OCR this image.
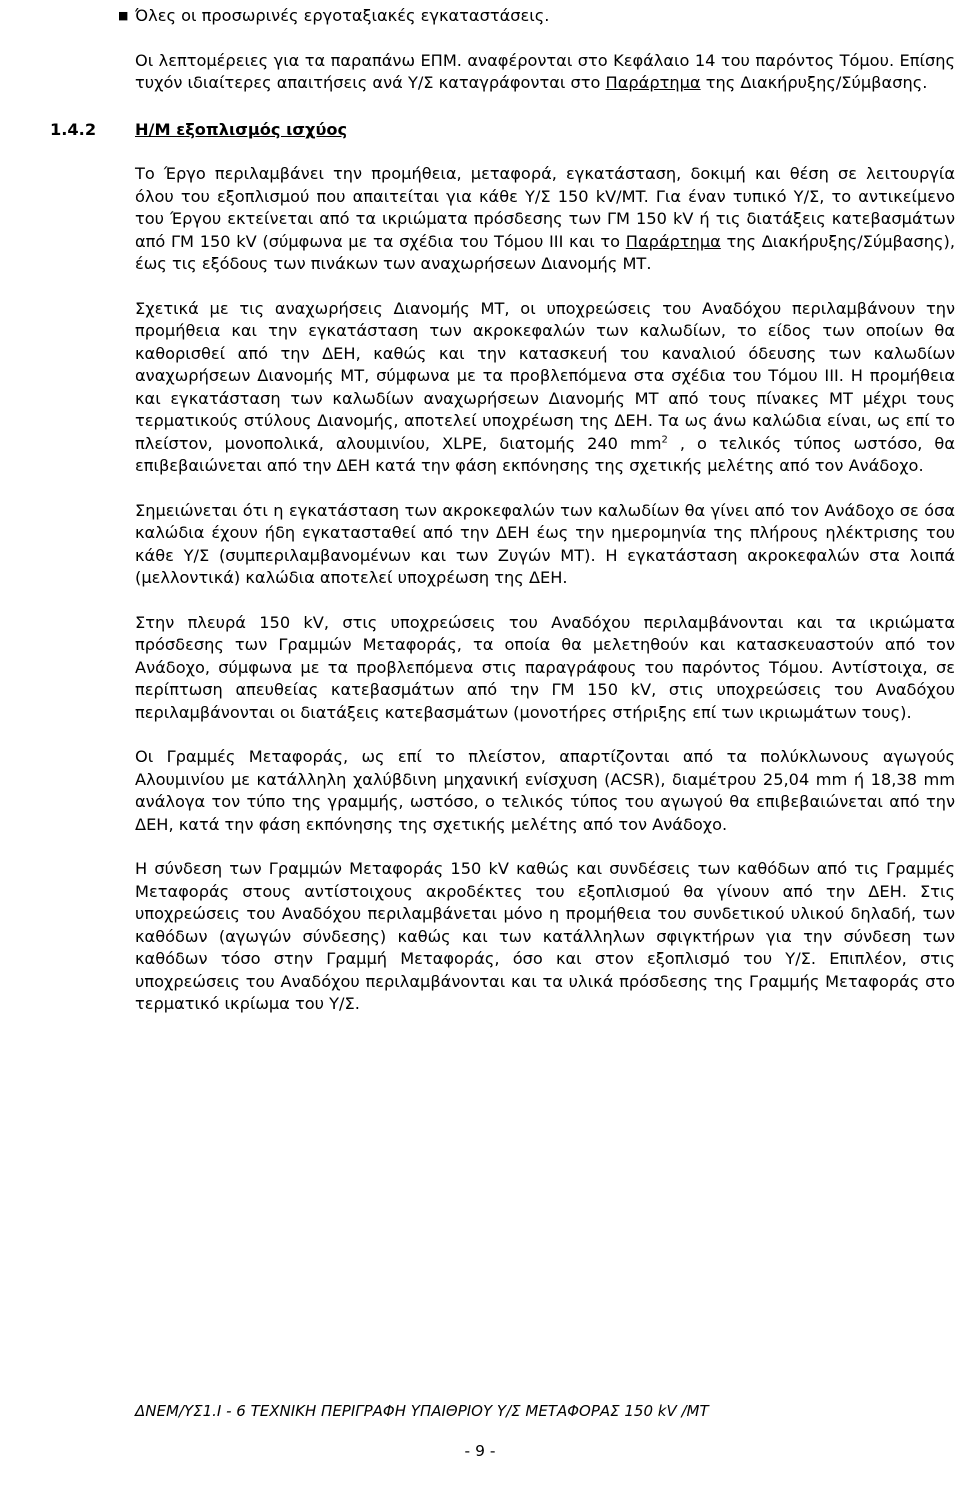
■ Όλες οι προσωρινές εργοταξιακές εγκαταστάσεις.

Οι λεπτομέρειες για τα παραπάνω ΕΠΜ. αναφέρονται στο Κεφάλαιο 14 του παρόντος Τόμου. Επίσης τυχόν ιδιαίτερες απαιτήσεις ανά Υ/Σ καταγράφονται στο Παράρτημα της Διακήρυξης/Σύμβασης.

1.4.2 Η/Μ εξοπλισμός ισχύος

Το Έργο περιλαμβάνει την προμήθεια, μεταφορά, εγκατάσταση, δοκιμή και θέση σε λειτουργία όλου του εξοπλισμού που απαιτείται για κάθε Υ/Σ 150 kV/MT. Για έναν τυπικό Υ/Σ, το αντικείμενο του Έργου εκτείνεται από τα ικριώματα πρόσδεσης των ΓΜ 150 kV ή τις διατάξεις κατεβασμάτων από ΓΜ 150 kV (σύμφωνα με τα σχέδια του Τόμου III και το Παράρτημα της Διακήρυξης/Σύμβασης), έως τις εξόδους των πινάκων των αναχωρήσεων Διανομής ΜΤ.

Σχετικά με τις αναχωρήσεις Διανομής ΜΤ, οι υποχρεώσεις του Αναδόχου περιλαμβάνουν την προμήθεια και την εγκατάσταση των ακροκεφαλών των καλωδίων, το είδος των οποίων θα καθορισθεί από την ΔΕΗ, καθώς και την κατασκευή του καναλιού όδευσης των καλωδίων αναχωρήσεων Διανομής ΜΤ, σύμφωνα με τα προβλεπόμενα στα σχέδια του Τόμου III. Η προμήθεια και εγκατάσταση των καλωδίων αναχωρήσεων Διανομής ΜΤ από τους πίνακες ΜΤ μέχρι τους τερματικούς στύλους Διανομής, αποτελεί υποχρέωση της ΔΕΗ. Τα ως άνω καλώδια είναι, ως επί το πλείστον, μονοπολικά, αλουμινίου, XLPE, διατομής 240 $mm^2$ , ο τελικός τύπος ωστόσο, θα επιβεβαιώνεται από την ΔΕΗ κατά την φάση εκπόνησης της σχετικής μελέτης από τον Ανάδοχο.

Σημειώνεται ότι η εγκατάσταση των ακροκεφαλών των καλωδίων θα γίνει από τον Ανάδοχο σε όσα καλώδια έχουν ήδη εγκατασταθεί από την ΔΕΗ έως την ημερομηνία της πλήρους ηλέκτρισης του κάθε Υ/Σ (συμπεριλαμβανομένων και των Ζυγών ΜΤ). Η εγκατάσταση ακροκεφαλών στα λοιπά (μελλοντικά) καλώδια αποτελεί υποχρέωση της ΔΕΗ.

Στην πλευρά 150 kV, στις υποχρεώσεις του Αναδόχου περιλαμβάνονται και τα ικριώματα πρόσδεσης των Γραμμών Μεταφοράς, τα οποία θα μελετηθούν και κατασκευαστούν από τον Ανάδοχο, σύμφωνα με τα προβλεπόμενα στις παραγράφους του παρόντος Τόμου. Αντίστοιχα, σε περίπτωση απευθείας κατεβασμάτων από την ΓΜ 150 kV, στις υποχρεώσεις του Αναδόχου περιλαμβάνονται οι διατάξεις κατεβασμάτων (μονοτήρες στήριξης επί των ικριωμάτων τους).

Οι Γραμμές Μεταφοράς, ως επί το πλείστον, απαρτίζονται από τα πολύκλωνους αγωγούς Αλουμινίου με κατάλληλη χαλύβδινη μηχανική ενίσχυση (ACSR), διαμέτρου 25,04 mm ή 18,38 mm ανάλογα τον τύπο της γραμμής, ωστόσο, ο τελικός τύπος του αγωγού θα επιβεβαιώνεται από την ΔΕΗ, κατά την φάση εκπόνησης της σχετικής μελέτης από τον Ανάδοχο.

Η σύνδεση των Γραμμών Μεταφοράς 150 kV καθώς και συνδέσεις των καθόδων από τις Γραμμές Μεταφοράς στους αντίστοιχους ακροδέκτες του εξοπλισμού θα γίνουν από την ΔΕΗ. Στις υποχρεώσεις του Αναδόχου περιλαμβάνεται μόνο η προμήθεια του συνδετικού υλικού δηλαδή, των καθόδων (αγωγών σύνδεσης) καθώς και των κατάλληλων σφιγκτήρων για την σύνδεση των καθόδων τόσο στην Γραμμή Μεταφοράς, όσο και στον εξοπλισμό του Υ/Σ. Επιπλέον, στις υποχρεώσεις του Αναδόχου περιλαμβάνονται και τα υλικά πρόσδεσης της Γραμμής Μεταφοράς στο τερματικό ικρίωμα του Υ/Σ.

ΔΝΕΜ/ΥΣ1.Ι - 6 ΤΕΧΝΙΚΗ ΠΕΡΙΓΡΑΦΗ ΥΠΑΙΘΡΙΟΥ Υ/Σ ΜΕΤΑΦΟΡΑΣ 150 kV /ΜΤ
- 9 -
